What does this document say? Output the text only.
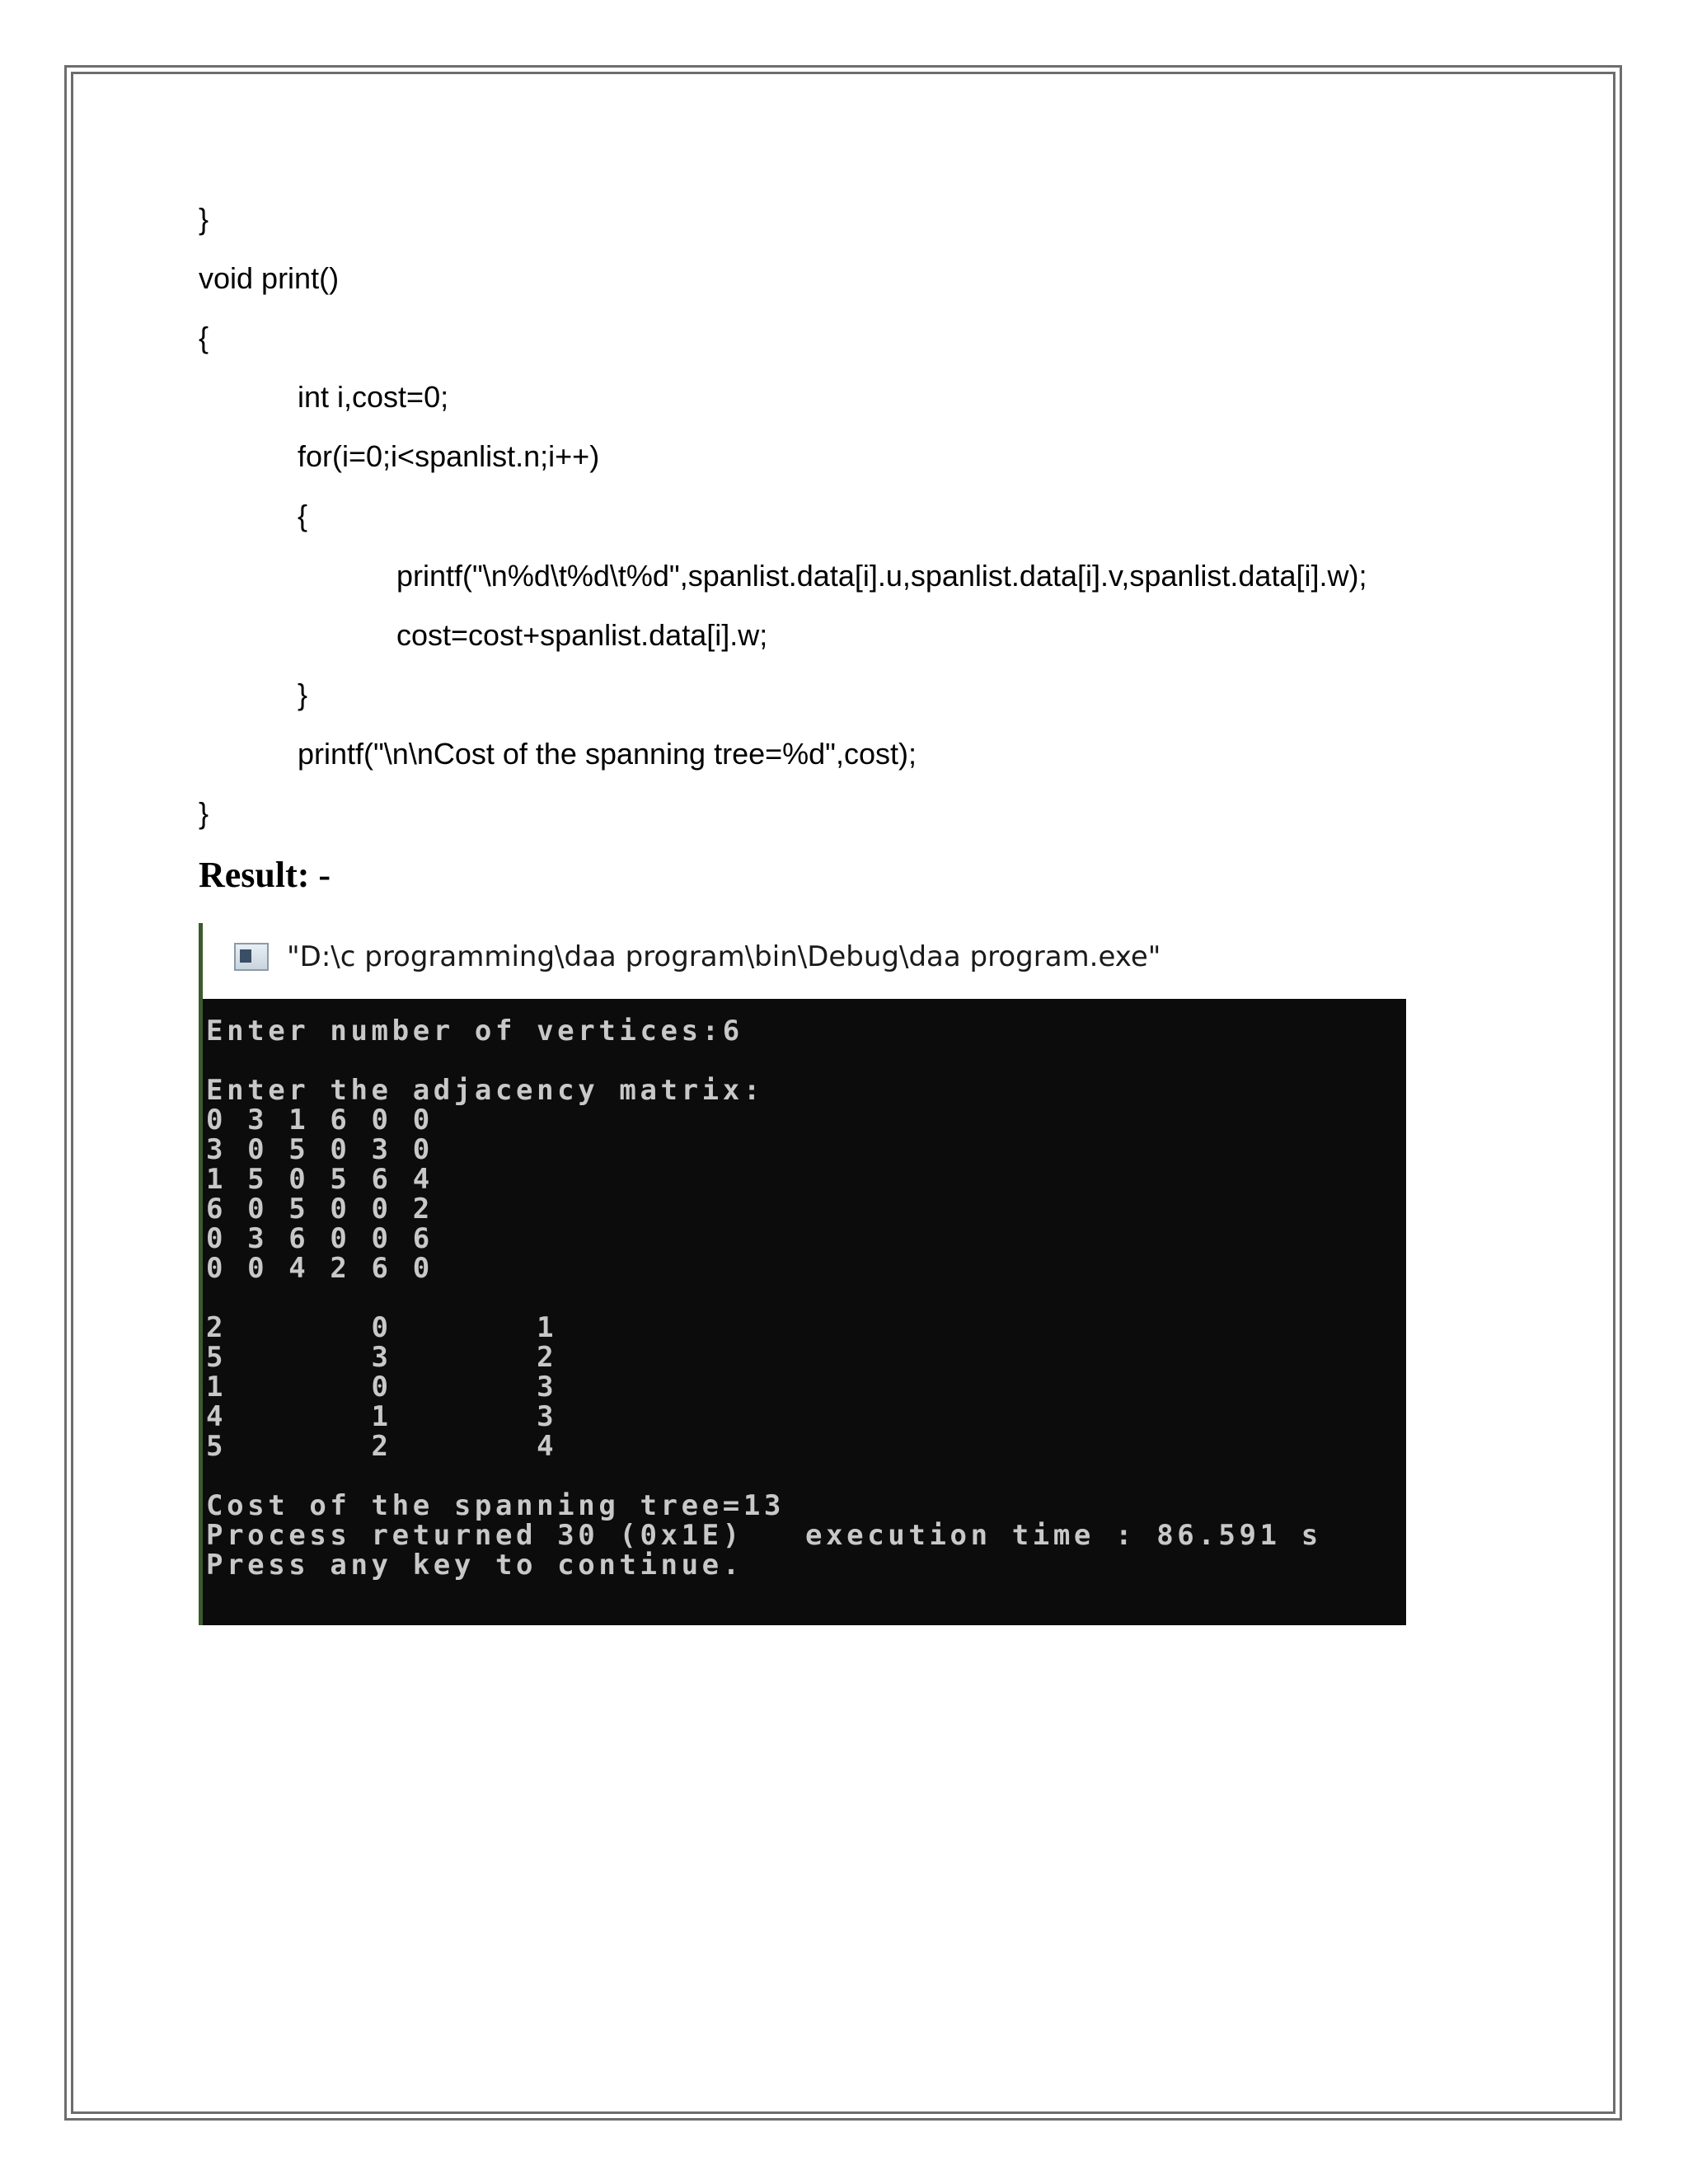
}
void print()
{
int i,cost=0;
for(i=0;i<spanlist.n;i++)
{
printf("\n%d\t%d\t%d",spanlist.data[i].u,spanlist.data[i].v,spanlist.data[i].w);
cost=cost+spanlist.data[i].w;
}
printf("\n\nCost of the spanning tree=%d",cost);
}
Result: -
"D:\c programming\daa program\bin\Debug\daa program.exe"
Enter number of vertices:6
Enter the adjacency matrix:
0 3 1 6 0 0
3 0 5 0 3 0
1 5 0 5 6 4
6 0 5 0 0 2
0 3 6 0 0 6
0 0 4 2 6 0
2       0       1
5       3       2
1       0       3
4       1       3
5       2       4
Cost of the spanning tree=13
Process returned 30 (0x1E)   execution time : 86.591 s
Press any key to continue.
